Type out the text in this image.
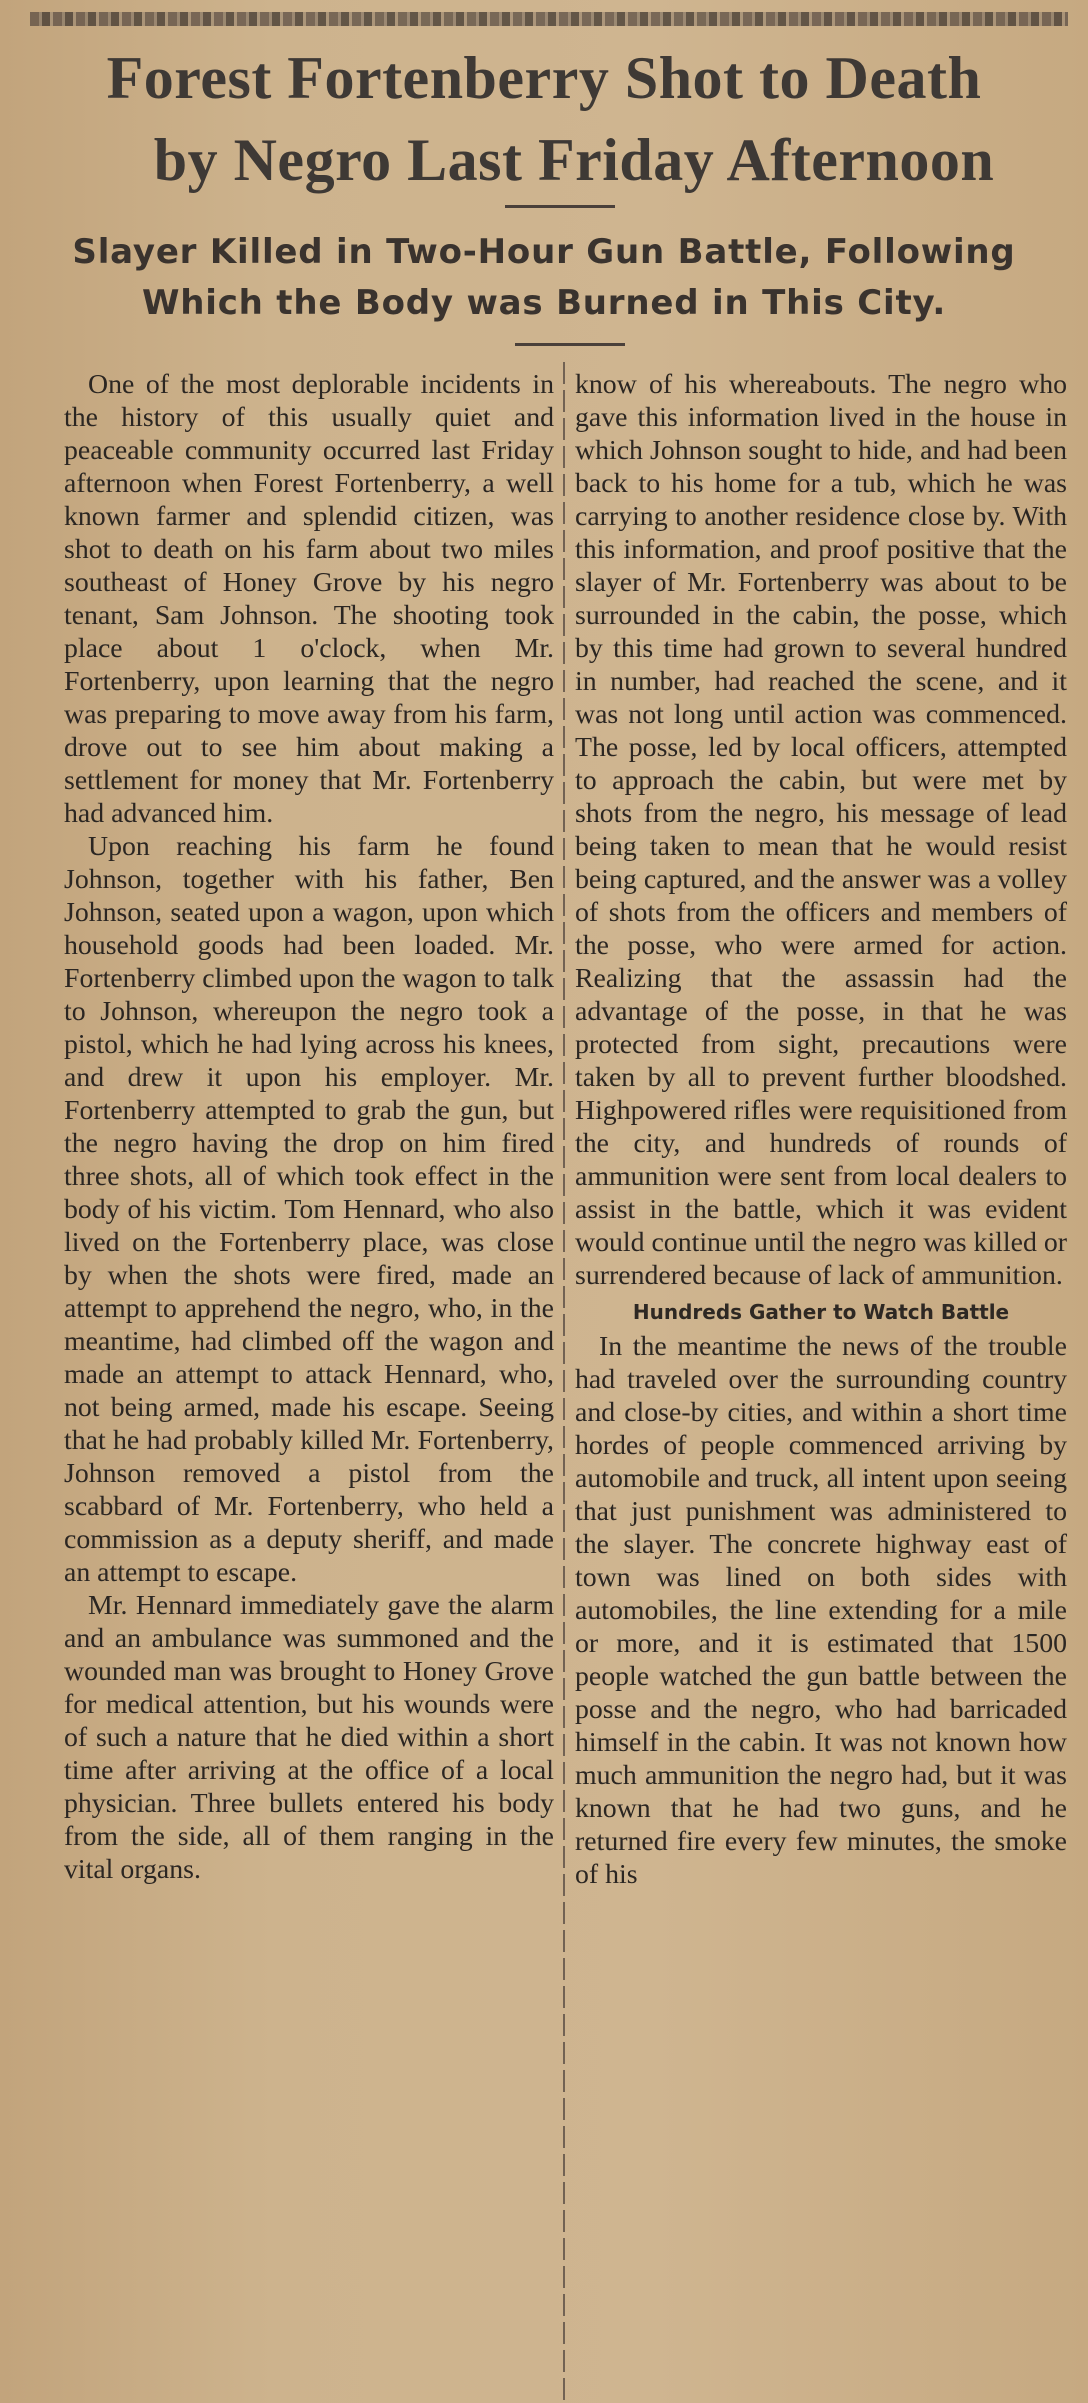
Forest Fortenberry Shot to Death
by Negro Last Friday Afternoon
Slayer Killed in Two-Hour Gun Battle, Following
Which the Body was Burned in This City.

One of the most deplorable incidents in the history of this usually quiet and peaceable community occurred last Friday afternoon when Forest Fortenberry, a well known farmer and splendid citizen, was shot to death on his farm about two miles southeast of Honey Grove by his negro tenant, Sam Johnson. The shooting took place about 1 o'clock, when Mr. Fortenberry, upon learning that the negro was preparing to move away from his farm, drove out to see him about making a settlement for money that Mr. Fortenberry had advanced him.

Upon reaching his farm he found Johnson, together with his father, Ben Johnson, seated upon a wagon, upon which household goods had been loaded. Mr. Fortenberry climbed upon the wagon to talk to Johnson, whereupon the negro took a pistol, which he had lying across his knees, and drew it upon his employer. Mr. Fortenberry attempted to grab the gun, but the negro having the drop on him fired three shots, all of which took effect in the body of his victim. Tom Hennard, who also lived on the Fortenberry place, was close by when the shots were fired, made an attempt to apprehend the negro, who, in the meantime, had climbed off the wagon and made an attempt to attack Hennard, who, not being armed, made his escape. Seeing that he had probably killed Mr. Fortenberry, Johnson removed a pistol from the scabbard of Mr. Fortenberry, who held a commission as a deputy sheriff, and made an attempt to escape.

Mr. Hennard immediately gave the alarm and an ambulance was summoned and the wounded man was brought to Honey Grove for medical attention, but his wounds were of such a nature that he died within a short time after arriving at the office of a local physician. Three bullets entered his body from the side, all of them ranging in the vital organs.

know of his whereabouts. The negro who gave this information lived in the house in which Johnson sought to hide, and had been back to his home for a tub, which he was carrying to another residence close by. With this information, and proof positive that the slayer of Mr. Fortenberry was about to be surrounded in the cabin, the posse, which by this time had grown to several hundred in number, had reached the scene, and it was not long until action was commenced. The posse, led by local officers, attempted to approach the cabin, but were met by shots from the negro, his message of lead being taken to mean that he would resist being captured, and the answer was a volley of shots from the officers and members of the posse, who were armed for action. Realizing that the assassin had the advantage of the posse, in that he was protected from sight, precautions were taken by all to prevent further bloodshed. Highpowered rifles were requisitioned from the city, and hundreds of rounds of ammunition were sent from local dealers to assist in the battle, which it was evident would continue until the negro was killed or surrendered because of lack of ammunition.

Hundreds Gather to Watch Battle

In the meantime the news of the trouble had traveled over the surrounding country and close-by cities, and within a short time hordes of people commenced arriving by automobile and truck, all intent upon seeing that just punishment was administered to the slayer. The concrete highway east of town was lined on both sides with automobiles, the line extending for a mile or more, and it is estimated that 1500 people watched the gun battle between the posse and the negro, who had barricaded himself in the cabin. It was not known how much ammunition the negro had, but it was known that he had two guns, and he returned fire every few minutes, the smoke of his
